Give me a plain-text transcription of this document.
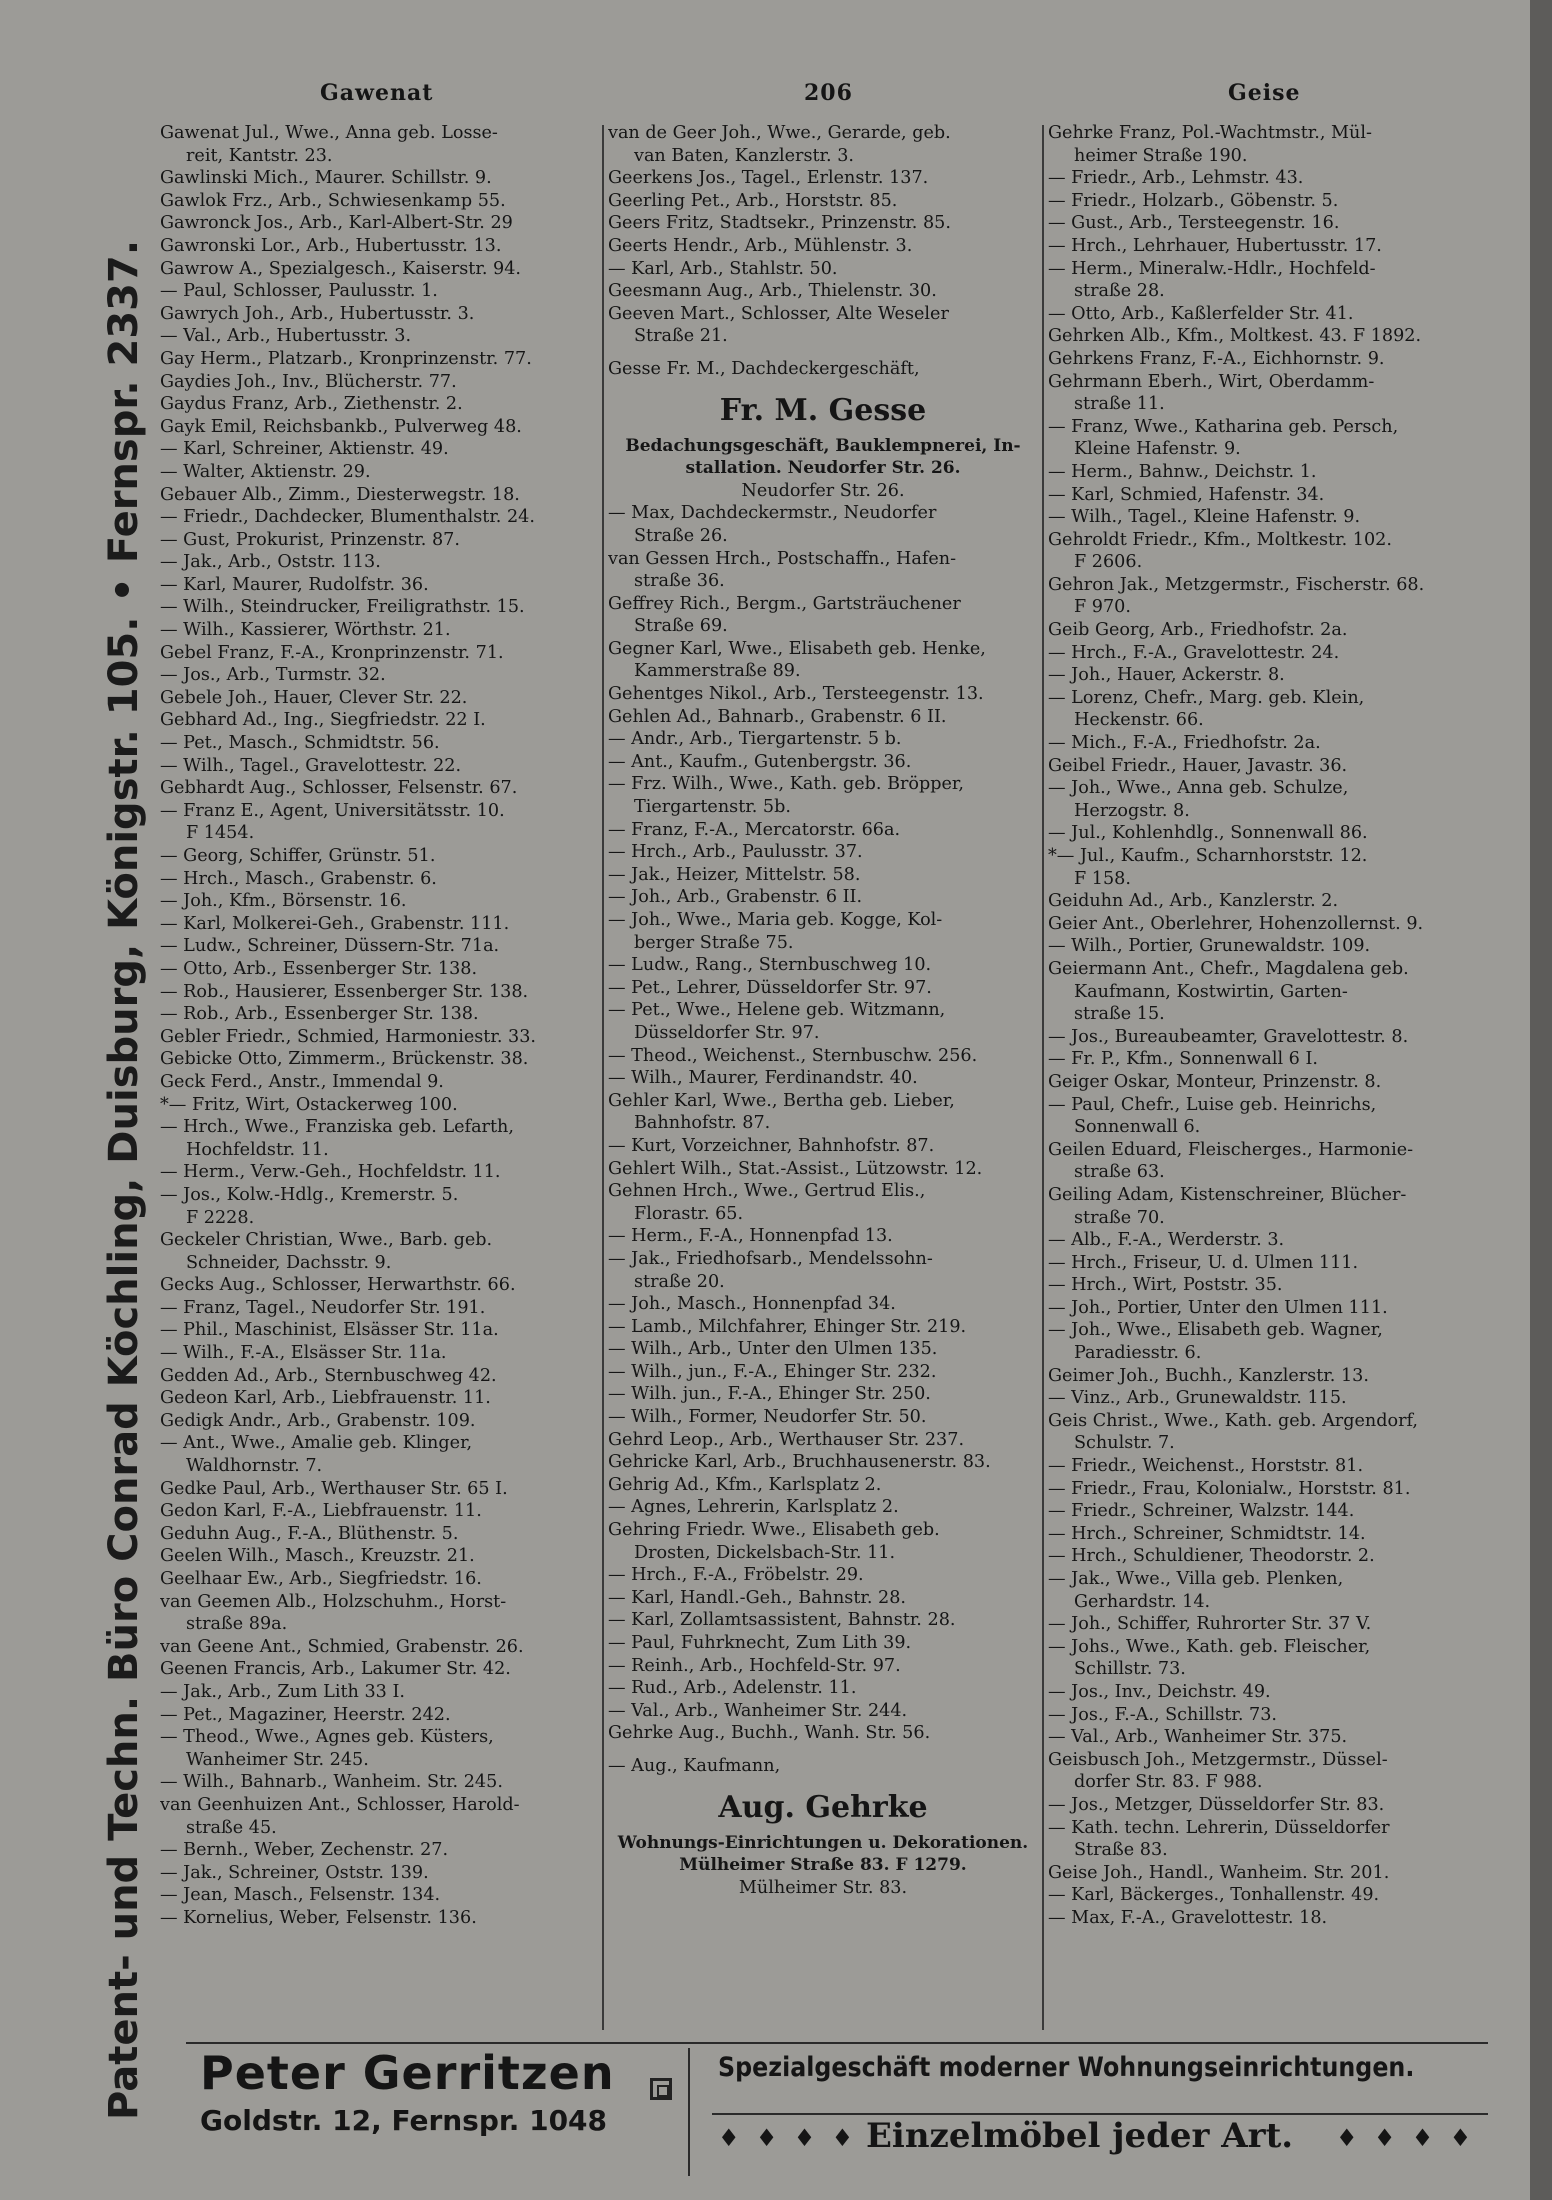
Gawenat	206	Geise
Patent- und Techn. Büro Conrad Köchling, Duisburg, Königstr. 105. • Fernspr. 2337.

Gawenat Jul., Wwe., Anna geb. Losse-

reit, Kantstr. 23.

Gawlinski Mich., Maurer. Schillstr. 9.

Gawlok Frz., Arb., Schwiesenkamp 55.

Gawronck Jos., Arb., Karl-Albert-Str. 29

Gawronski Lor., Arb., Hubertusstr. 13.

Gawrow A., Spezialgesch., Kaiserstr. 94.

— Paul, Schlosser, Paulusstr. 1.

Gawrych Joh., Arb., Hubertusstr. 3.

— Val., Arb., Hubertusstr. 3.

Gay Herm., Platzarb., Kronprinzenstr. 77.

Gaydies Joh., Inv., Blücherstr. 77.

Gaydus Franz, Arb., Ziethenstr. 2.

Gayk Emil, Reichsbankb., Pulverweg 48.

— Karl, Schreiner, Aktienstr. 49.

— Walter, Aktienstr. 29.

Gebauer Alb., Zimm., Diesterwegstr. 18.

— Friedr., Dachdecker, Blumenthalstr. 24.

— Gust, Prokurist, Prinzenstr. 87.

— Jak., Arb., Oststr. 113.

— Karl, Maurer, Rudolfstr. 36.

— Wilh., Steindrucker, Freiligrathstr. 15.

— Wilh., Kassierer, Wörthstr. 21.

Gebel Franz, F.-A., Kronprinzenstr. 71.

— Jos., Arb., Turmstr. 32.

Gebele Joh., Hauer, Clever Str. 22.

Gebhard Ad., Ing., Siegfriedstr. 22 I.

— Pet., Masch., Schmidtstr. 56.

— Wilh., Tagel., Gravelottestr. 22.

Gebhardt Aug., Schlosser, Felsenstr. 67.

— Franz E., Agent, Universitätsstr. 10.

F 1454.

— Georg, Schiffer, Grünstr. 51.

— Hrch., Masch., Grabenstr. 6.

— Joh., Kfm., Börsenstr. 16.

— Karl, Molkerei-Geh., Grabenstr. 111.

— Ludw., Schreiner, Düssern-Str. 71a.

— Otto, Arb., Essenberger Str. 138.

— Rob., Hausierer, Essenberger Str. 138.

— Rob., Arb., Essenberger Str. 138.

Gebler Friedr., Schmied, Harmoniestr. 33.

Gebicke Otto, Zimmerm., Brückenstr. 38.

Geck Ferd., Anstr., Immendal 9.

*— Fritz, Wirt, Ostackerweg 100.

— Hrch., Wwe., Franziska geb. Lefarth,

Hochfeldstr. 11.

— Herm., Verw.-Geh., Hochfeldstr. 11.

— Jos., Kolw.-Hdlg., Kremerstr. 5.

F 2228.

Geckeler Christian, Wwe., Barb. geb.

Schneider, Dachsstr. 9.

Gecks Aug., Schlosser, Herwarthstr. 66.

— Franz, Tagel., Neudorfer Str. 191.

— Phil., Maschinist, Elsässer Str. 11a.

— Wilh., F.-A., Elsässer Str. 11a.

Gedden Ad., Arb., Sternbuschweg 42.

Gedeon Karl, Arb., Liebfrauenstr. 11.

Gedigk Andr., Arb., Grabenstr. 109.

— Ant., Wwe., Amalie geb. Klinger,

Waldhornstr. 7.

Gedke Paul, Arb., Werthauser Str. 65 I.

Gedon Karl, F.-A., Liebfrauenstr. 11.

Geduhn Aug., F.-A., Blüthenstr. 5.

Geelen Wilh., Masch., Kreuzstr. 21.

Geelhaar Ew., Arb., Siegfriedstr. 16.

van Geemen Alb., Holzschuhm., Horst-

straße 89a.

van Geene Ant., Schmied, Grabenstr. 26.

Geenen Francis, Arb., Lakumer Str. 42.

— Jak., Arb., Zum Lith 33 I.

— Pet., Magaziner, Heerstr. 242.

— Theod., Wwe., Agnes geb. Küsters,

Wanheimer Str. 245.

— Wilh., Bahnarb., Wanheim. Str. 245.

van Geenhuizen Ant., Schlosser, Harold-

straße 45.

— Bernh., Weber, Zechenstr. 27.

— Jak., Schreiner, Oststr. 139.

— Jean, Masch., Felsenstr. 134.

— Kornelius, Weber, Felsenstr. 136.

van de Geer Joh., Wwe., Gerarde, geb.

van Baten, Kanzlerstr. 3.

Geerkens Jos., Tagel., Erlenstr. 137.

Geerling Pet., Arb., Horststr. 85.

Geers Fritz, Stadtsekr., Prinzenstr. 85.

Geerts Hendr., Arb., Mühlenstr. 3.

— Karl, Arb., Stahlstr. 50.

Geesmann Aug., Arb., Thielenstr. 30.

Geeven Mart., Schlosser, Alte Weseler

Straße 21.

Gesse Fr. M., Dachdeckergeschäft,

Fr. M. Gesse

Bedachungsgeschäft, Bauklempnerei, In-

stallation. Neudorfer Str. 26.

Neudorfer Str. 26.

— Max, Dachdeckermstr., Neudorfer

Straße 26.

van Gessen Hrch., Postschaffn., Hafen-

straße 36.

Geffrey Rich., Bergm., Gartsträuchener

Straße 69.

Gegner Karl, Wwe., Elisabeth geb. Henke,

Kammerstraße 89.

Gehentges Nikol., Arb., Tersteegenstr. 13.

Gehlen Ad., Bahnarb., Grabenstr. 6 II.

— Andr., Arb., Tiergartenstr. 5 b.

— Ant., Kaufm., Gutenbergstr. 36.

— Frz. Wilh., Wwe., Kath. geb. Bröpper,

Tiergartenstr. 5b.

— Franz, F.-A., Mercatorstr. 66a.

— Hrch., Arb., Paulusstr. 37.

— Jak., Heizer, Mittelstr. 58.

— Joh., Arb., Grabenstr. 6 II.

— Joh., Wwe., Maria geb. Kogge, Kol-

berger Straße 75.

— Ludw., Rang., Sternbuschweg 10.

— Pet., Lehrer, Düsseldorfer Str. 97.

— Pet., Wwe., Helene geb. Witzmann,

Düsseldorfer Str. 97.

— Theod., Weichenst., Sternbuschw. 256.

— Wilh., Maurer, Ferdinandstr. 40.

Gehler Karl, Wwe., Bertha geb. Lieber,

Bahnhofstr. 87.

— Kurt, Vorzeichner, Bahnhofstr. 87.

Gehlert Wilh., Stat.-Assist., Lützowstr. 12.

Gehnen Hrch., Wwe., Gertrud Elis.,

Florastr. 65.

— Herm., F.-A., Honnenpfad 13.

— Jak., Friedhofsarb., Mendelssohn-

straße 20.

— Joh., Masch., Honnenpfad 34.

— Lamb., Milchfahrer, Ehinger Str. 219.

— Wilh., Arb., Unter den Ulmen 135.

— Wilh., jun., F.-A., Ehinger Str. 232.

— Wilh. jun., F.-A., Ehinger Str. 250.

— Wilh., Former, Neudorfer Str. 50.

Gehrd Leop., Arb., Werthauser Str. 237.

Gehricke Karl, Arb., Bruchhausenerstr. 83.

Gehrig Ad., Kfm., Karlsplatz 2.

— Agnes, Lehrerin, Karlsplatz 2.

Gehring Friedr. Wwe., Elisabeth geb.

Drosten, Dickelsbach-Str. 11.

— Hrch., F.-A., Fröbelstr. 29.

— Karl, Handl.-Geh., Bahnstr. 28.

— Karl, Zollamtsassistent, Bahnstr. 28.

— Paul, Fuhrknecht, Zum Lith 39.

— Reinh., Arb., Hochfeld-Str. 97.

— Rud., Arb., Adelenstr. 11.

— Val., Arb., Wanheimer Str. 244.

Gehrke Aug., Buchh., Wanh. Str. 56.

— Aug., Kaufmann,

Aug. Gehrke

Wohnungs-Einrichtungen u. Dekorationen.

Mülheimer Straße 83. F 1279.

Mülheimer Str. 83.

Gehrke Franz, Pol.-Wachtmstr., Mül-

heimer Straße 190.

— Friedr., Arb., Lehmstr. 43.

— Friedr., Holzarb., Göbenstr. 5.

— Gust., Arb., Tersteegenstr. 16.

— Hrch., Lehrhauer, Hubertusstr. 17.

— Herm., Mineralw.-Hdlr., Hochfeld-

straße 28.

— Otto, Arb., Kaßlerfelder Str. 41.

Gehrken Alb., Kfm., Moltkest. 43. F 1892.

Gehrkens Franz, F.-A., Eichhornstr. 9.

Gehrmann Eberh., Wirt, Oberdamm-

straße 11.

— Franz, Wwe., Katharina geb. Persch,

Kleine Hafenstr. 9.

— Herm., Bahnw., Deichstr. 1.

— Karl, Schmied, Hafenstr. 34.

— Wilh., Tagel., Kleine Hafenstr. 9.

Gehroldt Friedr., Kfm., Moltkestr. 102.

F 2606.

Gehron Jak., Metzgermstr., Fischerstr. 68.

F 970.

Geib Georg, Arb., Friedhofstr. 2a.

— Hrch., F.-A., Gravelottestr. 24.

— Joh., Hauer, Ackerstr. 8.

— Lorenz, Chefr., Marg. geb. Klein,

Heckenstr. 66.

— Mich., F.-A., Friedhofstr. 2a.

Geibel Friedr., Hauer, Javastr. 36.

— Joh., Wwe., Anna geb. Schulze,

Herzogstr. 8.

— Jul., Kohlenhdlg., Sonnenwall 86.

*— Jul., Kaufm., Scharnhorststr. 12.

F 158.

Geiduhn Ad., Arb., Kanzlerstr. 2.

Geier Ant., Oberlehrer, Hohenzollernst. 9.

— Wilh., Portier, Grunewaldstr. 109.

Geiermann Ant., Chefr., Magdalena geb.

Kaufmann, Kostwirtin, Garten-

straße 15.

— Jos., Bureaubeamter, Gravelottestr. 8.

— Fr. P., Kfm., Sonnenwall 6 I.

Geiger Oskar, Monteur, Prinzenstr. 8.

— Paul, Chefr., Luise geb. Heinrichs,

Sonnenwall 6.

Geilen Eduard, Fleischerges., Harmonie-

straße 63.

Geiling Adam, Kistenschreiner, Blücher-

straße 70.

— Alb., F.-A., Werderstr. 3.

— Hrch., Friseur, U. d. Ulmen 111.

— Hrch., Wirt, Poststr. 35.

— Joh., Portier, Unter den Ulmen 111.

— Joh., Wwe., Elisabeth geb. Wagner,

Paradiesstr. 6.

Geimer Joh., Buchh., Kanzlerstr. 13.

— Vinz., Arb., Grunewaldstr. 115.

Geis Christ., Wwe., Kath. geb. Argendorf,

Schulstr. 7.

— Friedr., Weichenst., Horststr. 81.

— Friedr., Frau, Kolonialw., Horststr. 81.

— Friedr., Schreiner, Walzstr. 144.

— Hrch., Schreiner, Schmidtstr. 14.

— Hrch., Schuldiener, Theodorstr. 2.

— Jak., Wwe., Villa geb. Plenken,

Gerhardstr. 14.

— Joh., Schiffer, Ruhrorter Str. 37 V.

— Johs., Wwe., Kath. geb. Fleischer,

Schillstr. 73.

— Jos., Inv., Deichstr. 49.

— Jos., F.-A., Schillstr. 73.

— Val., Arb., Wanheimer Str. 375.

Geisbusch Joh., Metzgermstr., Düssel-

dorfer Str. 83. F 988.

— Jos., Metzger, Düsseldorfer Str. 83.

— Kath. techn. Lehrerin, Düsseldorfer

Straße 83.

Geise Joh., Handl., Wanheim. Str. 201.

— Karl, Bäckerges., Tonhallenstr. 49.

— Max, F.-A., Gravelottestr. 18.

Peter Gerritzen
Goldstr. 12, Fernspr. 1048
Spezialgeschäft moderner Wohnungseinrichtungen.
♦ ♦ ♦ ♦ Einzelmöbel jeder Art. ♦ ♦ ♦ ♦
